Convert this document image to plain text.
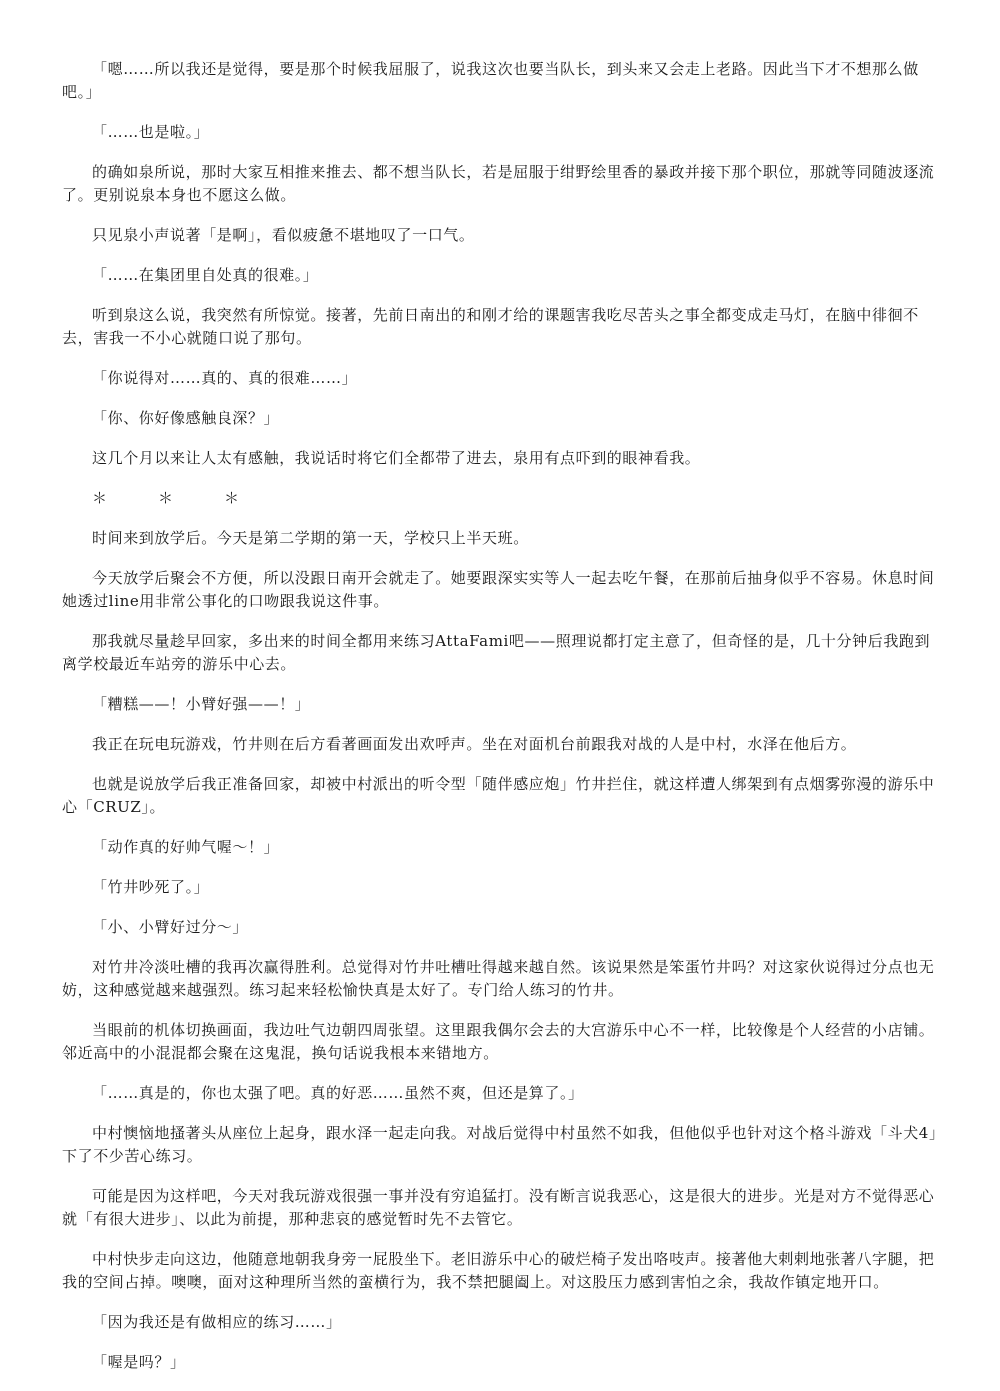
「嗯……所以我还是觉得，要是那个时候我屈服了，说我这次也要当队长，到头来又会走上老路。因此当下才不想那么做吧。」

「……也是啦。」

的确如泉所说，那时大家互相推来推去、都不想当队长，若是屈服于绀野绘里香的暴政并接下那个职位，那就等同随波逐流了。更别说泉本身也不愿这么做。

只见泉小声说著「是啊」，看似疲惫不堪地叹了一口气。

「……在集团里自处真的很难。」

听到泉这么说，我突然有所惊觉。接著，先前日南出的和刚才给的课题害我吃尽苦头之事全都变成走马灯，在脑中徘徊不去，害我一不小心就随口说了那句。

「你说得对……真的、真的很难……」

「你、你好像感触良深？」

这几个月以来让人太有感触，我说话时将它们全都带了进去，泉用有点吓到的眼神看我。

＊　＊　＊

时间来到放学后。今天是第二学期的第一天，学校只上半天班。

今天放学后聚会不方便，所以没跟日南开会就走了。她要跟深实实等人一起去吃午餐，在那前后抽身似乎不容易。休息时间她透过line用非常公事化的口吻跟我说这件事。

那我就尽量趁早回家，多出来的时间全都用来练习AttaFami吧——照理说都打定主意了，但奇怪的是，几十分钟后我跑到离学校最近车站旁的游乐中心去。

「糟糕——！小臂好强——！」

我正在玩电玩游戏，竹井则在后方看著画面发出欢呼声。坐在对面机台前跟我对战的人是中村，水泽在他后方。

也就是说放学后我正准备回家，却被中村派出的听令型「随伴感应炮」竹井拦住，就这样遭人绑架到有点烟雾弥漫的游乐中心「CRUZ」。

「动作真的好帅气喔～！」

「竹井吵死了。」

「小、小臂好过分～」

对竹井冷淡吐槽的我再次赢得胜利。总觉得对竹井吐槽吐得越来越自然。该说果然是笨蛋竹井吗？对这家伙说得过分点也无妨，这种感觉越来越强烈。练习起来轻松愉快真是太好了。专门给人练习的竹井。

当眼前的机体切换画面，我边吐气边朝四周张望。这里跟我偶尔会去的大宫游乐中心不一样，比较像是个人经营的小店铺。邻近高中的小混混都会聚在这鬼混，换句话说我根本来错地方。

「……真是的，你也太强了吧。真的好恶……虽然不爽，但还是算了。」

中村懊恼地搔著头从座位上起身，跟水泽一起走向我。对战后觉得中村虽然不如我，但他似乎也针对这个格斗游戏「斗犬4」下了不少苦心练习。

可能是因为这样吧，今天对我玩游戏很强一事并没有穷追猛打。没有断言说我恶心，这是很大的进步。光是对方不觉得恶心就「有很大进步」、以此为前提，那种悲哀的感觉暂时先不去管它。

中村快步走向这边，他随意地朝我身旁一屁股坐下。老旧游乐中心的破烂椅子发出咯吱声。接著他大剌剌地张著八字腿，把我的空间占掉。噢噢，面对这种理所当然的蛮横行为，我不禁把腿阖上。对这股压力感到害怕之余，我故作镇定地开口。

「因为我还是有做相应的练习……」

「喔是吗？」
